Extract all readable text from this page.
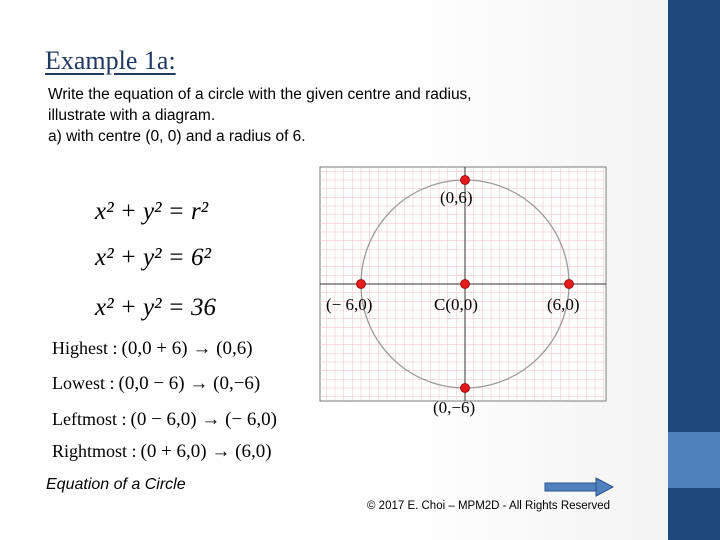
Example 1a:
Write the equation of a circle with the given centre and radius,
illustrate with a diagram.
a) with centre (0, 0) and a radius of 6.
x² + y² = r²
x² + y² = 6²
x² + y² = 36
Highest : (0,0 + 6) → (0,6)
Lowest : (0,0 − 6) → (0,−6)
Leftmost : (0 − 6,0) → (− 6,0)
Rightmost : (0 + 6,0) → (6,0)
(0,6)
(0,−6)
(− 6,0)	(6,0)
C(0,0)
Equation of a Circle
© 2017 E. Choi – MPM2D - All Rights Reserved
